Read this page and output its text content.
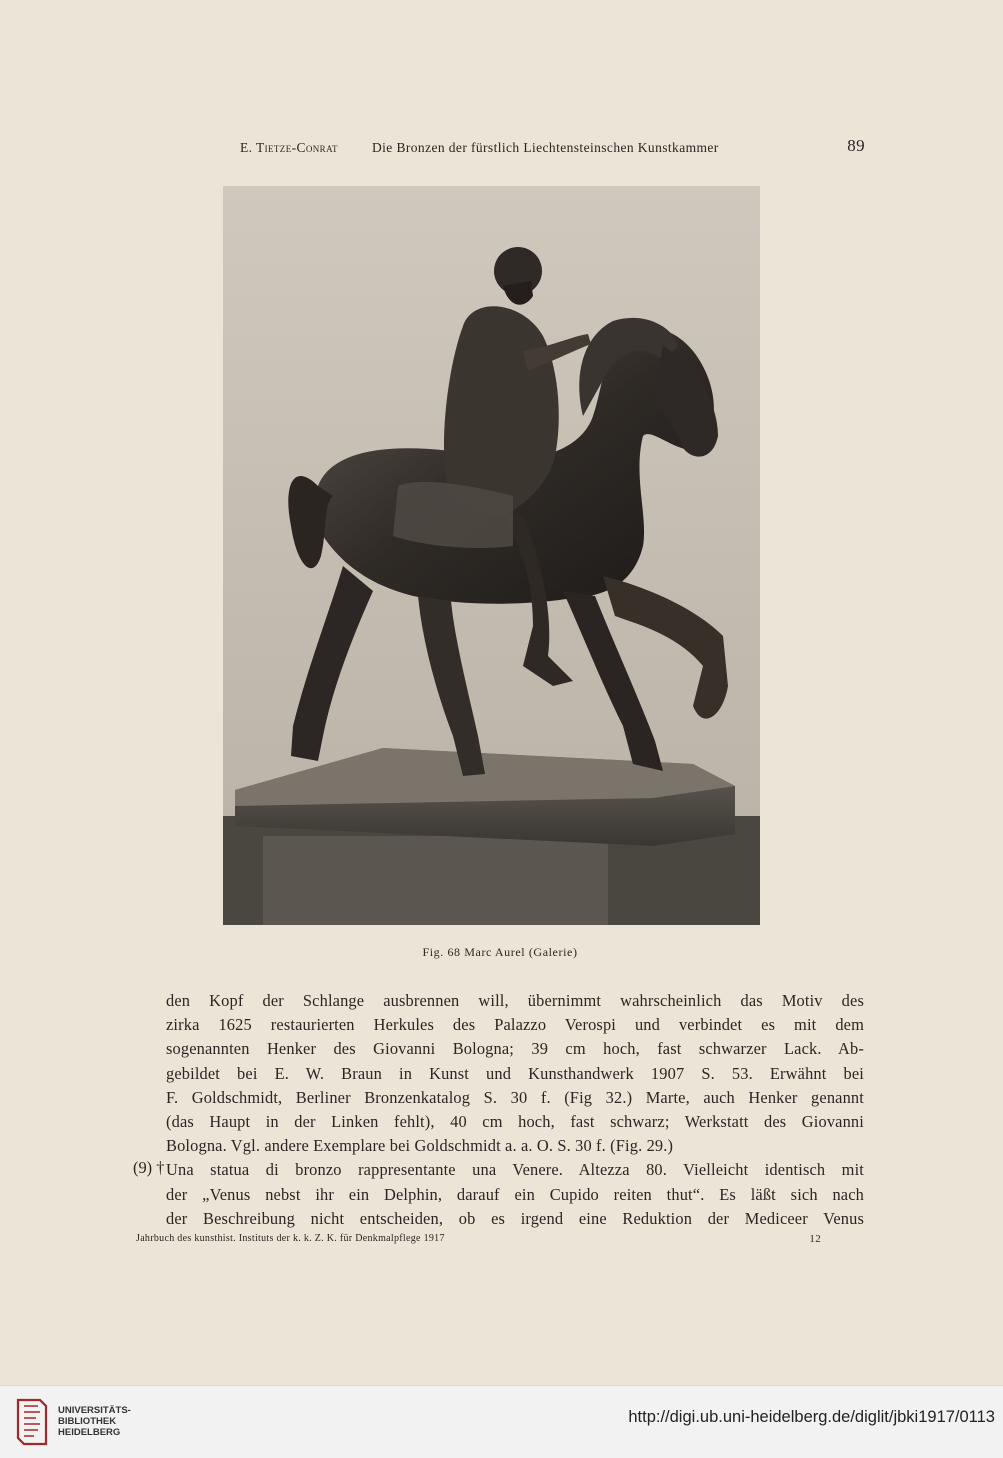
E. Tietze-Conrat	Die Bronzen der fürstlich Liechtensteinschen Kunstkammer	89
Fig. 68 Marc Aurel (Galerie)
(9) †
den Kopf der Schlange ausbrennen will, übernimmt wahrscheinlich das Motiv des
zirka 1625 restaurierten Herkules des Palazzo Verospi und verbindet es mit dem
sogenannten Henker des Giovanni Bologna; 39 cm hoch, fast schwarzer Lack. Ab-
gebildet bei E. W. Braun in Kunst und Kunsthandwerk 1907 S. 53. Erwähnt bei
F. Goldschmidt, Berliner Bronzenkatalog S. 30 f. (Fig 32.) Marte, auch Henker genannt
(das Haupt in der Linken fehlt), 40 cm hoch, fast schwarz; Werkstatt des Giovanni
Bologna. Vgl. andere Exemplare bei Goldschmidt a. a. O. S. 30 f. (Fig. 29.)
Una statua di bronzo rappresentante una Venere. Altezza 80. Vielleicht identisch mit
der „Venus nebst ihr ein Delphin, darauf ein Cupido reiten thut“. Es läßt sich nach
der Beschreibung nicht entscheiden, ob es irgend eine Reduktion der Mediceer Venus
Jahrbuch des kunsthist. Instituts der k. k. Z. K. für Denkmalpflege 1917	12
UNIVERSITÄTS-
BIBLIOTHEK
HEIDELBERG
http://digi.ub.uni-heidelberg.de/diglit/jbki1917/0113
